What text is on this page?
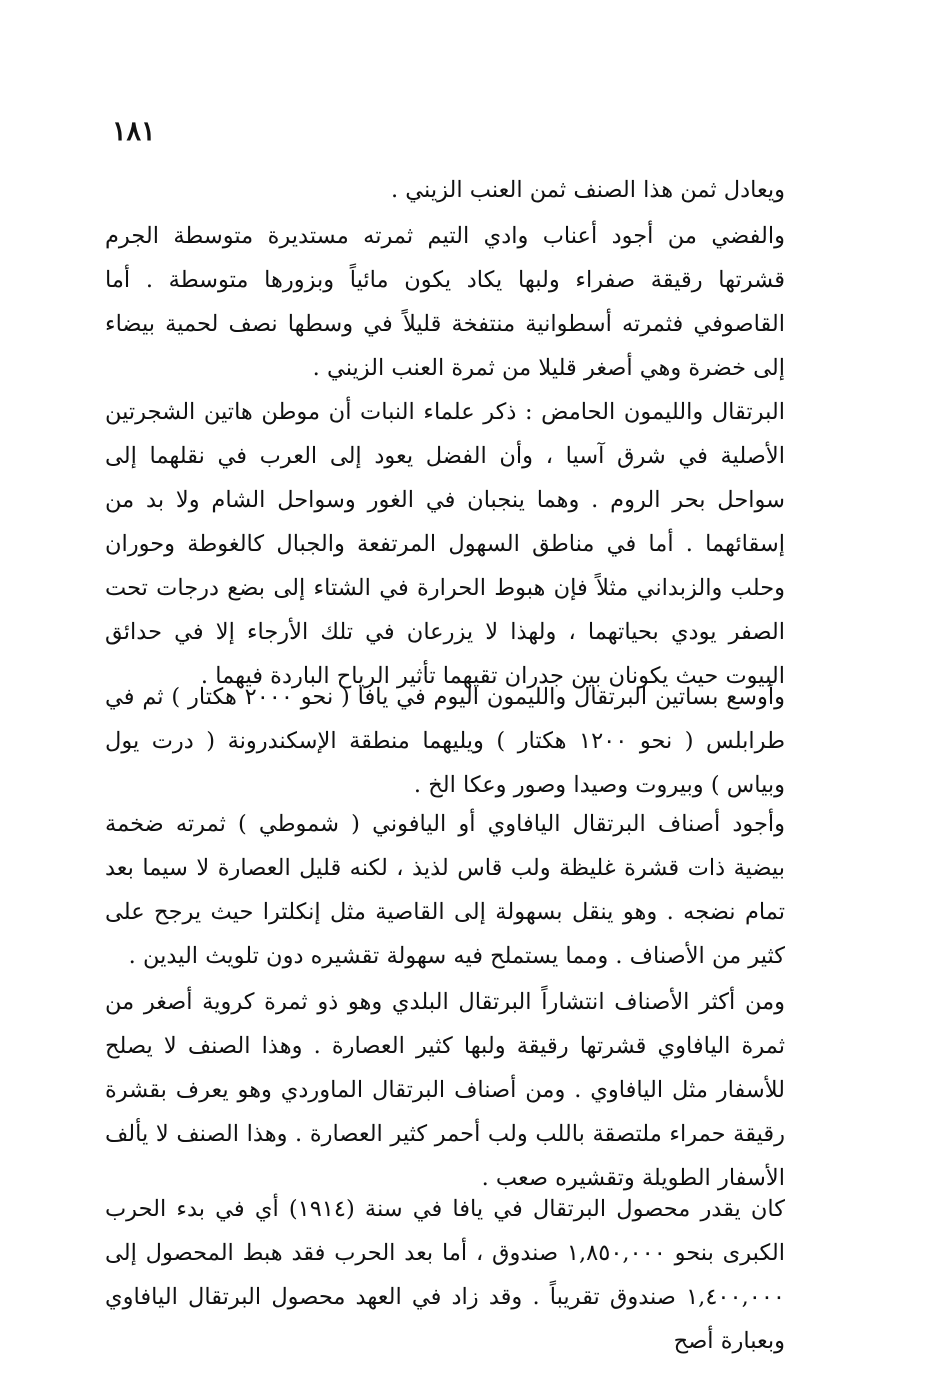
١٨١

ويعادل ثمن هذا الصنف ثمن العنب الزيني .

والفضي من أجود أعناب وادي التيم ثمرته مستديرة متوسطة الجرم قشرتها رقيقة صفراء ولبها يكاد يكون مائياً وبزورها متوسطة . أما القاصوفي فثمرته أسطوانية منتفخة قليلاً في وسطها نصف لحمية بيضاء إلى خضرة وهي أصغر قليلا من ثمرة العنب الزيني .

البرتقال والليمون الحامض : ذكر علماء النبات أن موطن هاتين الشجرتين الأصلية في شرق آسيا ، وأن الفضل يعود إلى العرب في نقلهما إلى سواحل بحر الروم . وهما ينجبان في الغور وسواحل الشام ولا بد من إسقائهما . أما في مناطق السهول المرتفعة والجبال كالغوطة وحوران وحلب والزبداني مثلاً فإن هبوط الحرارة في الشتاء إلى بضع درجات تحت الصفر يودي بحياتهما ، ولهذا لا يزرعان في تلك الأرجاء إلا في حدائق البيوت حيث يكونان بين جدران تقيهما تأثير الرياح الباردة فيهما .

وأوسع بساتين البرتقال والليمون اليوم في يافا ( نحو ٢٠٠٠ هكتار ) ثم في طرابلس ( نحو ١٢٠٠ هكتار ) ويليهما منطقة الإسكندرونة ( درت يول وبياس ) وبيروت وصيدا وصور وعكا الخ .

وأجود أصناف البرتقال اليافاوي أو اليافوني ( شموطي ) ثمرته ضخمة بيضية ذات قشرة غليظة ولب قاس لذيذ ، لكنه قليل العصارة لا سيما بعد تمام نضجه . وهو ينقل بسهولة إلى القاصية مثل إنكلترا حيث يرجح على كثير من الأصناف . ومما يستملح فيه سهولة تقشيره دون تلويث اليدين .

ومن أكثر الأصناف انتشاراً البرتقال البلدي وهو ذو ثمرة كروية أصغر من ثمرة اليافاوي قشرتها رقيقة ولبها كثير العصارة . وهذا الصنف لا يصلح للأسفار مثل اليافاوي . ومن أصناف البرتقال الماوردي وهو يعرف بقشرة رقيقة حمراء ملتصقة باللب ولب أحمر كثير العصارة . وهذا الصنف لا يألف الأسفار الطويلة وتقشيره صعب .

كان يقدر محصول البرتقال في يافا في سنة (١٩١٤) أي في بدء الحرب الكبرى بنحو ١,٨٥٠,٠٠٠ صندوق ، أما بعد الحرب فقد هبط المحصول إلى ١,٤٠٠,٠٠٠ صندوق تقريباً . وقد زاد في العهد محصول البرتقال اليافاوي وبعبارة أصح
